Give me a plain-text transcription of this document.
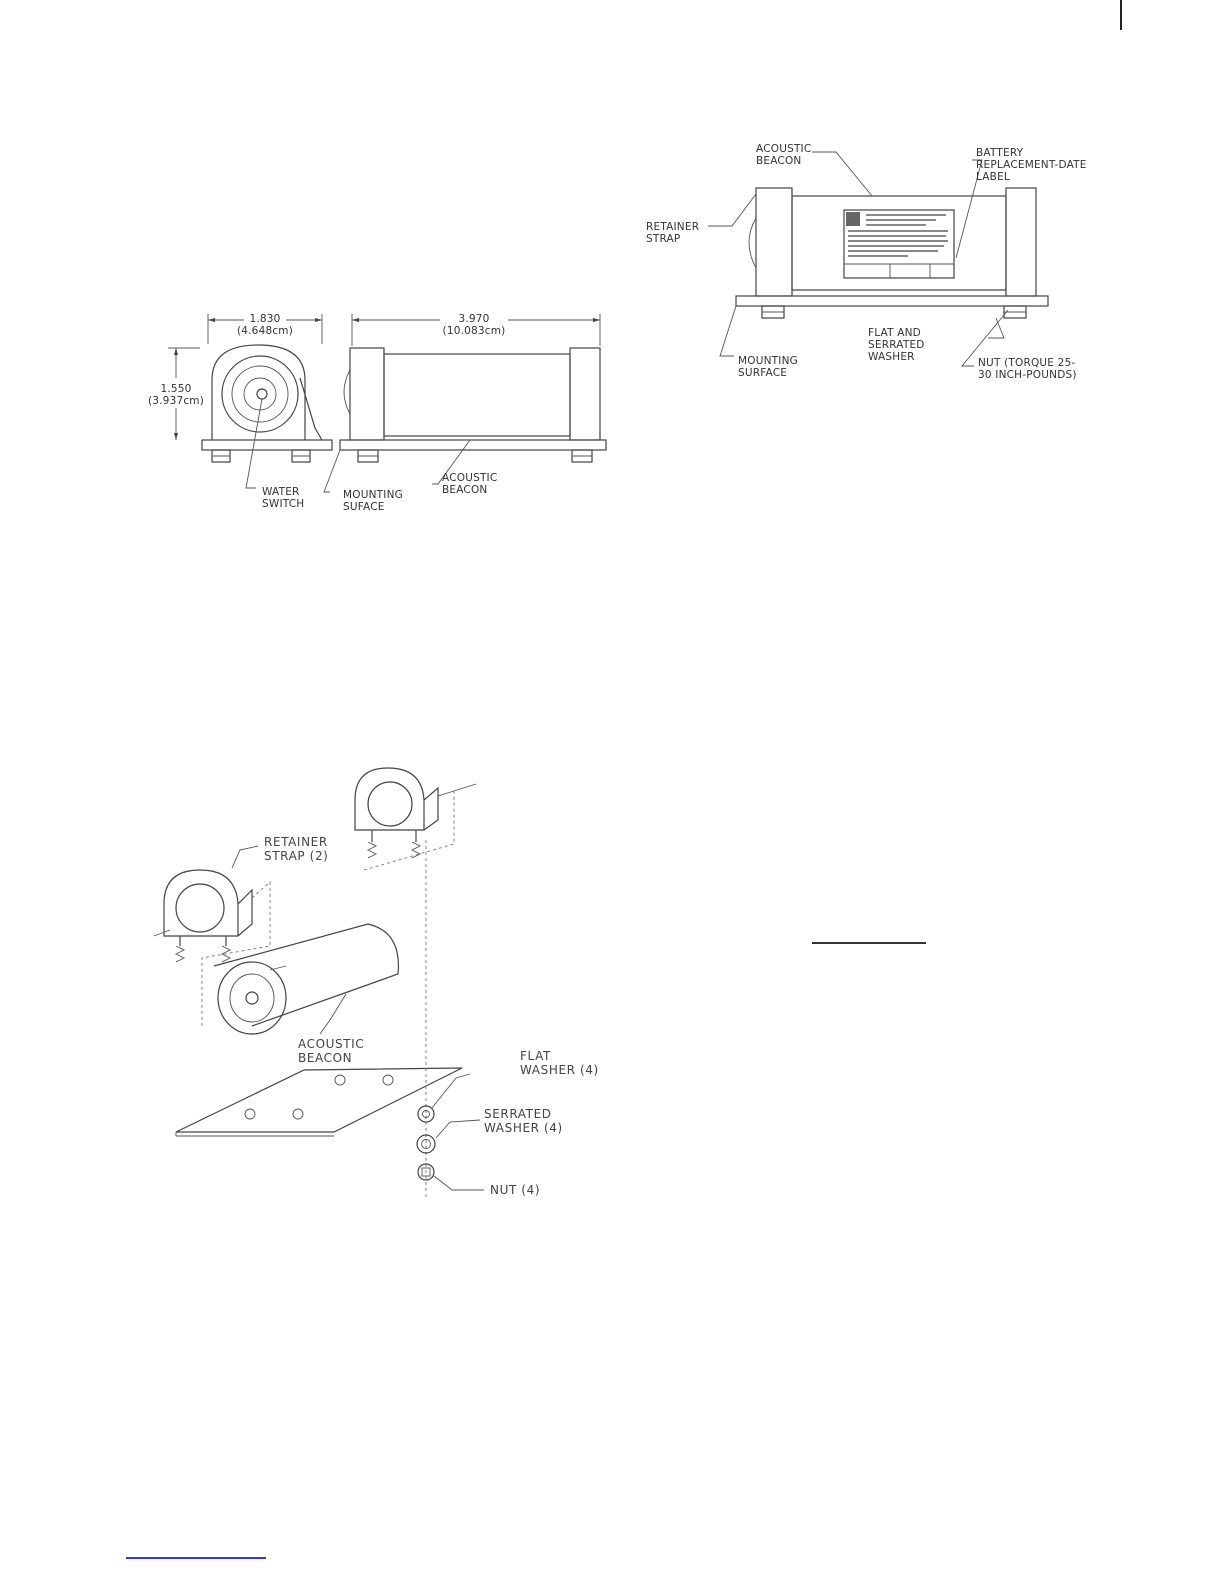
1.830
(4.648cm)
1.550
(3.937cm)
WATER SWITCH
3.970
(10.083cm)
MOUNTING SUFACE
ACOUSTIC BEACON
ACOUSTIC BEACON
BATTERY REPLACEMENT-DATE LABEL
RETAINER STRAP
MOUNTING SURFACE
FLAT AND SERRATED WASHER	NUT (TORQUE 25- 30 INCH-POUNDS)
RETAINER STRAP (2)
ACOUSTIC BEACON	FLAT WASHER (4)
SERRATED WASHER (4)
NUT (4)
